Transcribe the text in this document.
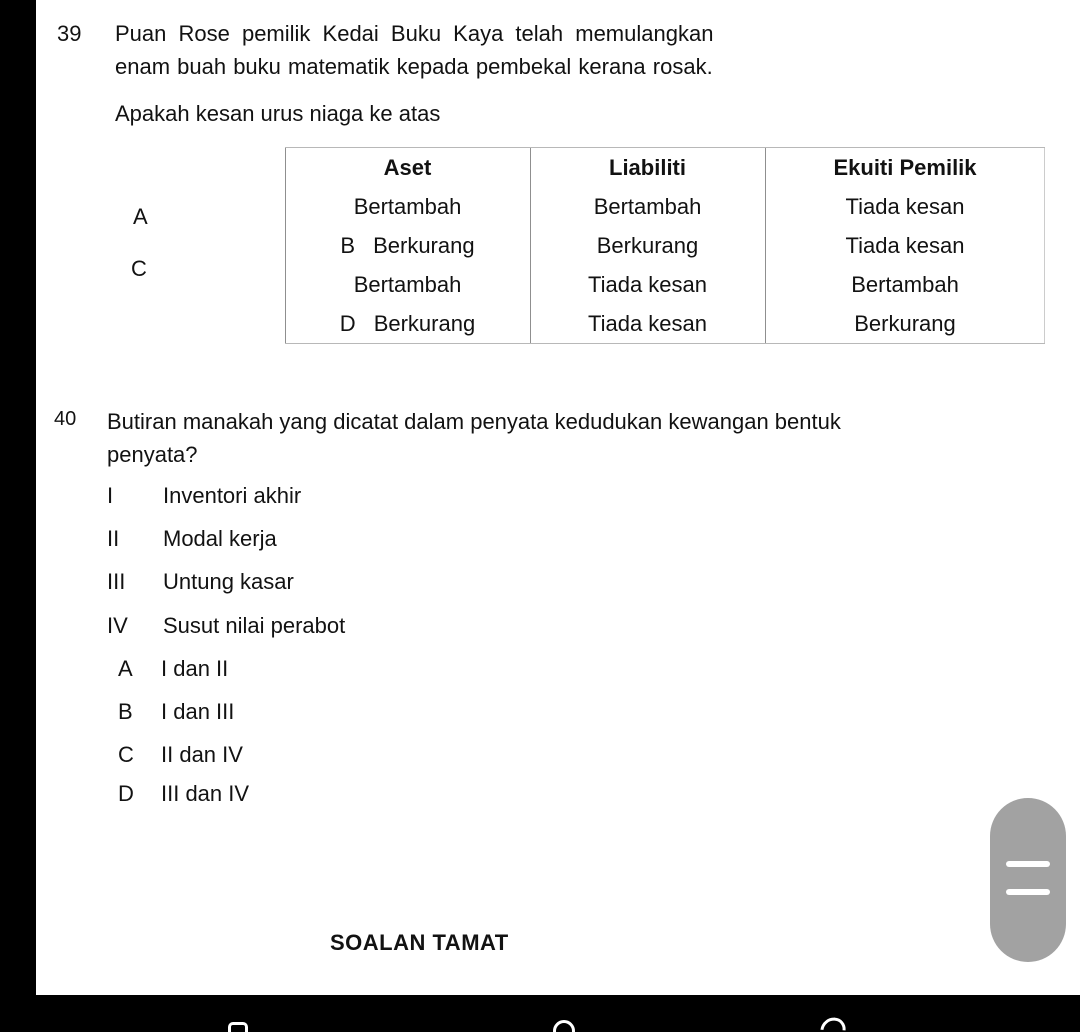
39 Puan Rose pemilik Kedai Buku Kaya telah memulangkan
enam buah buku matematik kepada pembekal kerana rosak.
Apakah kesan urus niaga ke atas
A
C
Aset	Liabiliti	Ekuiti Pemilik
Bertambah	Bertambah	Tiada kesan
B Berkurang	Berkurang	Tiada kesan
Bertambah	Tiada kesan	Bertambah
D Berkurang	Tiada kesan	Berkurang
40 Butiran manakah yang dicatat dalam penyata kedudukan kewangan bentuk
penyata?
I Inventori akhir
II Modal kerja
III Untung kasar
IV Susut nilai perabot
A I dan II
B I dan III
C II dan IV
D III dan IV
SOALAN TAMAT
